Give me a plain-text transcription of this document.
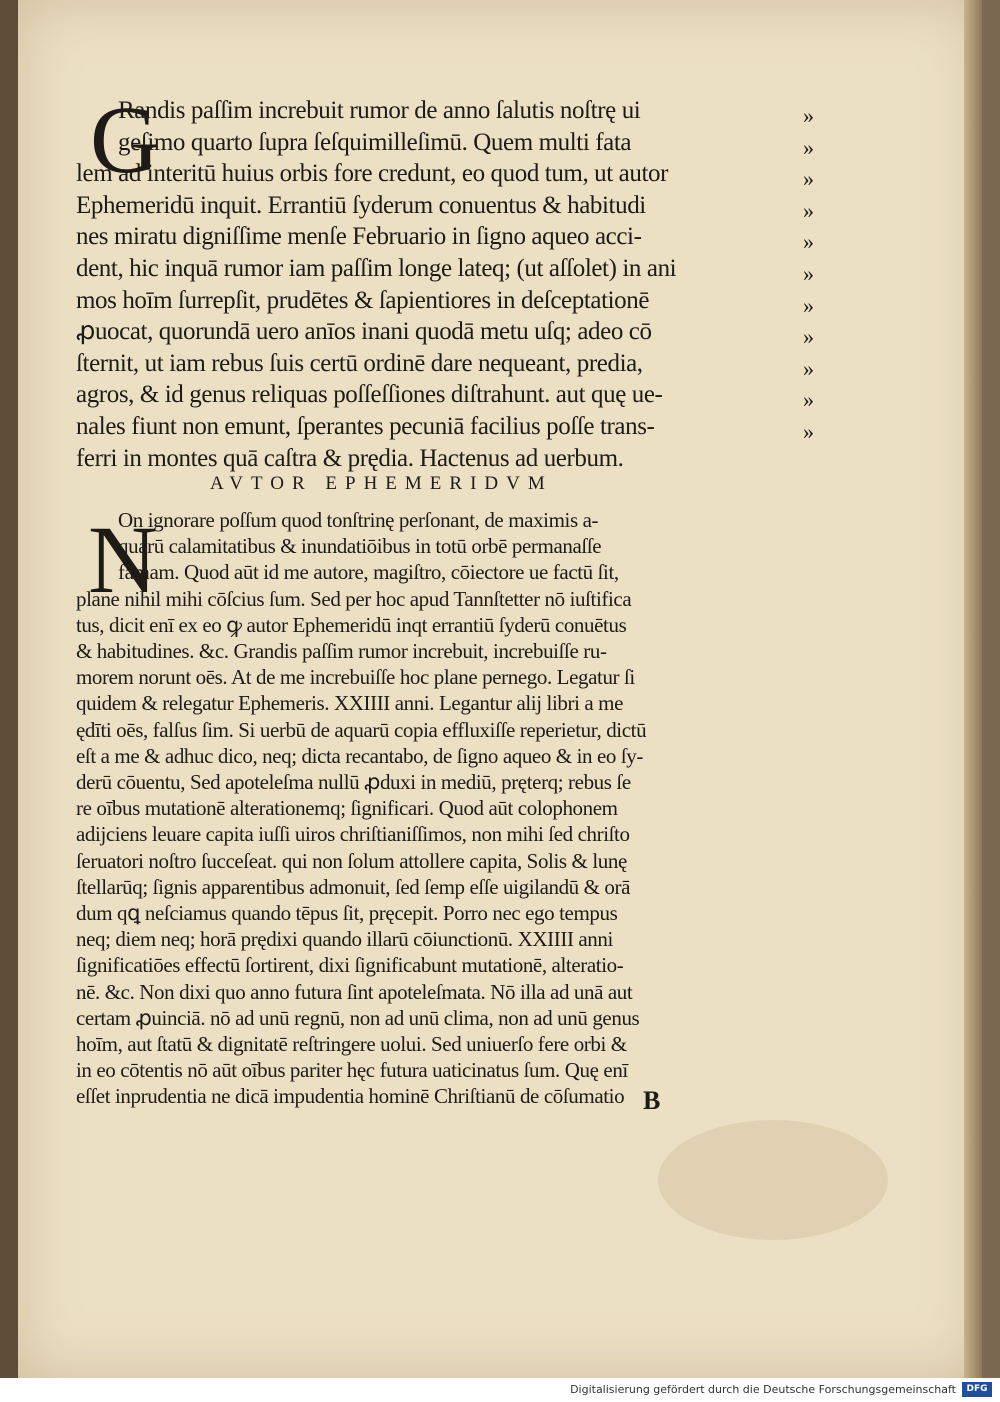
G
Randis paſſim increbuit rumor de anno ſalutis noſtrę ui
geſimo quarto ſupra ſeſquimilleſimū. Quem multi fata
lem ad interitū huius orbis fore credunt, eo quod tum, ut autor
Ephemeridū inquit. Errantiū ſyderum conuentus & habitudi
nes miratu digniſſime menſe Februario in ſigno aqueo acci-
dent, hic inquā rumor iam paſſim longe lateq; (ut aſſolet) in ani
mos hoīm ſurrepſit, prudētes & ſapientiores in deſceptationē
ꝓuocat, quorundā uero anīos inani quodā metu uſq; adeo cō
ſternit, ut iam rebus ſuis certū ordinē dare nequeant, predia,
agros, & id genus reliquas poſſeſſiones diſtrahunt. aut quę ue-
nales fiunt non emunt, ſperantes pecuniā facilius poſſe trans-
ferri in montes quā caſtra & prędia. Hactenus ad uerbum.
»
»
»
»
»
»
»
»
»
»
»
AVTOR EPHEMERIDVM
N
On ignorare poſſum quod tonſtrinę perſonant, de maximis a-
quarū calamitatibus & inundatiōibus in totū orbē permanaſſe
famam. Quod aūt id me autore, magiſtro, cōiectore ue factū ſit,
plane nihil mihi cōſcius ſum. Sed per hoc apud Tannſtetter nō iuſtifica
tus, dicit enī ex eo ꝙ autor Ephemeridū inqt errantiū ſyderū conuētus
& habitudines. &c. Grandis paſſim rumor increbuit, increbuiſſe ru-
morem norunt oēs. At de me increbuiſſe hoc plane pernego. Legatur ſi
quidem & relegatur Ephemeris. XXIIII anni. Legantur alij libri a me
ędīti oēs, falſus ſim. Si uerbū de aquarū copia effluxiſſe reperietur, dictū
eſt a me & adhuc dico, neq; dicta recantabo, de ſigno aqueo & in eo ſy-
derū cōuentu, Sed apoteleſma nullū ꝓduxi in mediū, pręterq; rebus ſe
re oībus mutationē alterationemq; ſignificari. Quod aūt colophonem
adijciens leuare capita iuſſi uiros chriſtianiſſimos, non mihi ſed chriſto
ſeruatori noſtro ſucceſeat. qui non ſolum attollere capita, Solis & lunę
ſtellarūq; ſignis apparentibus admonuit, ſed ſemp eſſe uigilandū & orā
dum qꝗ neſciamus quando tēpus ſit, pręcepit. Porro nec ego tempus
neq; diem neq; horā prędixi quando illarū cōiunctionū. XXIIII anni
ſignificatiōes effectū ſortirent, dixi ſignificabunt mutationē, alteratio-
nē. &c. Non dixi quo anno futura ſint apoteleſmata. Nō illa ad unā aut
certam ꝓuinciā. nō ad unū regnū, non ad unū clima, non ad unū genus
hoīm, aut ſtatū & dignitatē reſtringere uolui. Sed uniuerſo fere orbi &
in eo cōtentis nō aūt oībus pariter hęc futura uaticinatus ſum. Quę enī
eſſet inprudentia ne dicā impudentia hominē Chriſtianū de cōſumatio B
Digitalisierung gefördert durch die Deutsche Forschungsgemeinschaft	DFG
